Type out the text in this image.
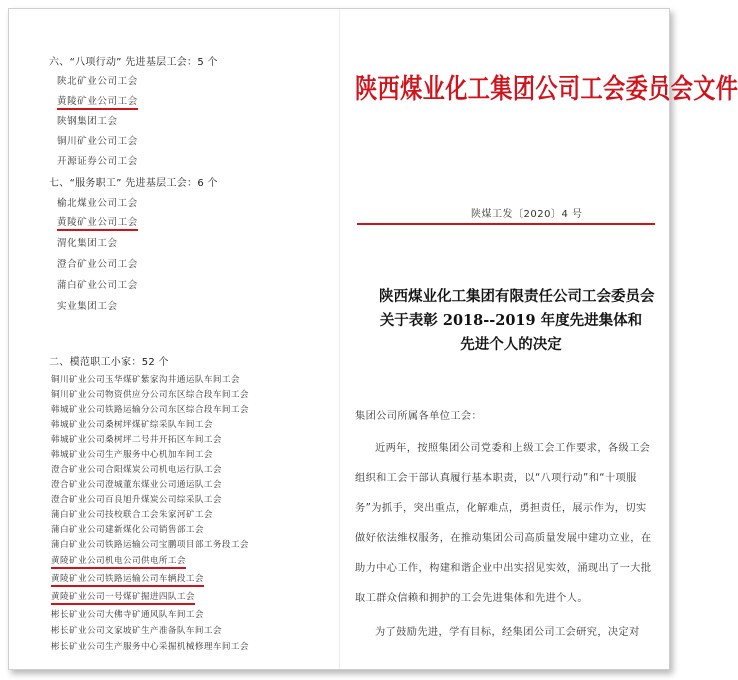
六、“八项行动” 先进基层工会：5 个
陕北矿业公司工会
黄陵矿业公司工会
陕钢集团工会
铜川矿业公司工会
开源证券公司工会
七、“服务职工” 先进基层工会：6 个
榆北煤业公司工会
黄陵矿业公司工会
渭化集团工会
澄合矿业公司工会
蒲白矿业公司工会
实业集团工会
二、模范职工小家：52 个
铜川矿业公司玉华煤矿紫家沟井通运队车间工会
铜川矿业公司物资供应分公司东区综合段车间工会
韩城矿业公司铁路运输分公司东区综合段车间工会
韩城矿业公司桑树坪煤矿综采队车间工会
韩城矿业公司桑树坪二号井开拓区车间工会
韩城矿业公司生产服务中心机加车间工会
澄合矿业公司合阳煤炭公司机电运行队工会
澄合矿业公司澄城董东煤业公司通运队工会
澄合矿业公司百良旭升煤炭公司综采队工会
蒲白矿业公司技校联合工会朱家河矿工会
蒲白矿业公司建新煤化公司销售部工会
蒲白矿业公司铁路运输公司宝鹏项目部工务段工会
黄陵矿业公司机电公司供电所工会
黄陵矿业公司铁路运输公司车辆段工会
黄陵矿业公司一号煤矿掘进四队工会
彬长矿业公司大佛寺矿通风队车间工会
彬长矿业公司文家坡矿生产准备队车间工会
彬长矿业公司生产服务中心采掘机械修理车间工会
陕西煤业化工集团公司工会委员会文件
陕煤工发〔2020〕4 号
陕西煤业化工集团有限责任公司工会委员会
关于表彰 2018--2019 年度先进集体和
先进个人的决定
集团公司所属各单位工会：
近两年，按照集团公司党委和上级工会工作要求，各级工会
组织和工会干部认真履行基本职责，以“八项行动”和“十项服
务”为抓手，突出重点，化解难点，勇担责任，展示作为，切实
做好依法维权服务，在推动集团公司高质量发展中建功立业，在
助力中心工作，构建和谐企业中出实招见实效，涌现出了一大批
取工群众信赖和拥护的工会先进集体和先进个人。
为了鼓励先进，学有目标，经集团公司工会研究，决定对
